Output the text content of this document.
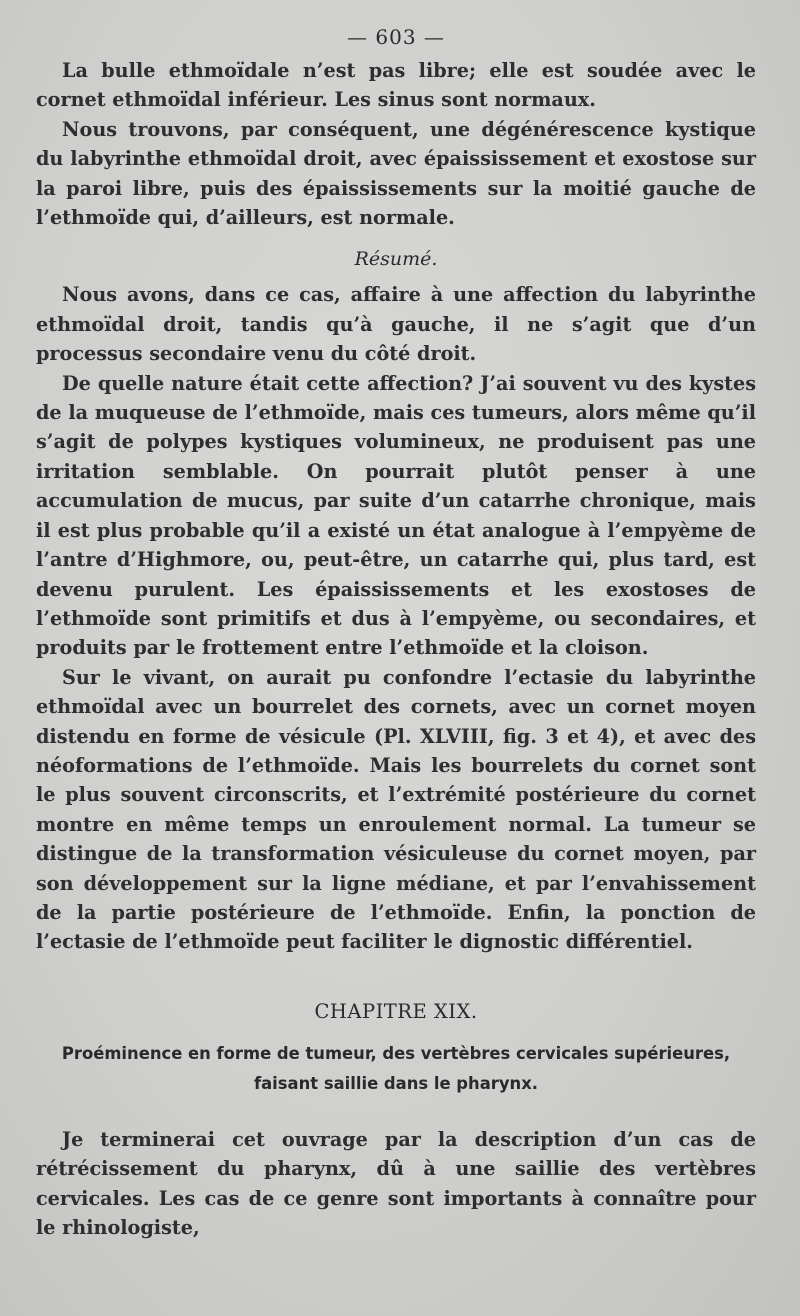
— 603 —

La bulle ethmoïdale n’est pas libre; elle est soudée avec le cornet ethmoïdal inférieur. Les sinus sont normaux.

Nous trouvons, par conséquent, une dégénérescence kystique du labyrinthe ethmoïdal droit, avec épaississement et exostose sur la paroi libre, puis des épaississements sur la moitié gauche de l’ethmoïde qui, d’ailleurs, est normale.

Résumé.

Nous avons, dans ce cas, affaire à une affection du labyrinthe ethmoïdal droit, tandis qu’à gauche, il ne s’agit que d’un processus secondaire venu du côté droit.

De quelle nature était cette affection? J’ai souvent vu des kystes de la muqueuse de l’ethmoïde, mais ces tumeurs, alors même qu’il s’agit de polypes kystiques volumineux, ne produisent pas une irritation semblable. On pourrait plutôt penser à une accumulation de mucus, par suite d’un catarrhe chronique, mais il est plus probable qu’il a existé un état analogue à l’empyème de l’antre d’Highmore, ou, peut-être, un catarrhe qui, plus tard, est devenu purulent. Les épaississements et les exostoses de l’ethmoïde sont primitifs et dus à l’empyème, ou secondaires, et produits par le frottement entre l’ethmoïde et la cloison.

Sur le vivant, on aurait pu confondre l’ectasie du labyrinthe ethmoïdal avec un bourrelet des cornets, avec un cornet moyen distendu en forme de vésicule (Pl. XLVIII, fig. 3 et 4), et avec des néoformations de l’ethmoïde. Mais les bourrelets du cornet sont le plus souvent circonscrits, et l’extrémité postérieure du cornet montre en même temps un enroulement normal. La tumeur se distingue de la transformation vésiculeuse du cornet moyen, par son développement sur la ligne médiane, et par l’envahissement de la partie postérieure de l’ethmoïde. Enfin, la ponction de l’ectasie de l’ethmoïde peut faciliter le dignostic différentiel.

CHAPITRE XIX.
Proéminence en forme de tumeur, des vertèbres cervicales supérieures,
faisant saillie dans le pharynx.

Je terminerai cet ouvrage par la description d’un cas de rétrécissement du pharynx, dû à une saillie des vertèbres cervicales. Les cas de ce genre sont importants à connaître pour le rhinologiste,
